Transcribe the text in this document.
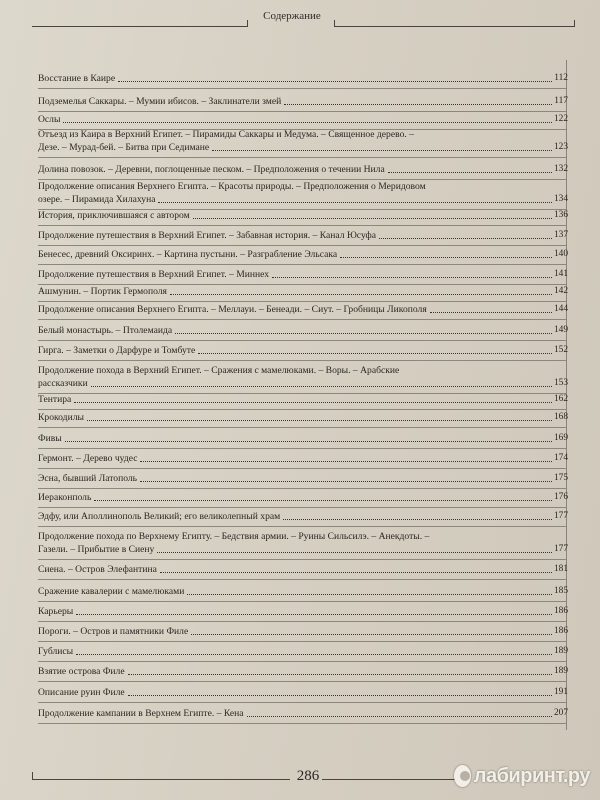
Содержание
Восстание в Каире	112
Подземелья Саккары. – Мумии ибисов. – Заклинатели змей	117
Ослы	122
Отъезд из Каира в Верхний Египет. – Пирамиды Саккары и Медума. – Священное дерево. –
Дезе. – Мурад-бей. – Битва при Седимане	123
Долина повозок. – Деревни, поглощенные песком. – Предположения о течении Нила	132
Продолжение описания Верхнего Египта. – Красоты природы. – Предположения о Меридовом
озере. – Пирамида Хилахуна	134
История, приключившаяся с автором	136
Продолжение путешествия в Верхний Египет. – Забавная история. – Канал Юсуфа	137
Бенесеc, древний Оксиринх. – Картина пустыни. – Разграбление Эльсака	140
Продолжение путешествия в Верхний Египет. – Миннех	141
Ашмунин. – Портик Гермополя	142
Продолжение описания Верхнего Египта. – Меллауи. – Бенеади. – Сиут. – Гробницы Ликополя	144
Белый монастырь. – Птолемаида	149
Гирга. – Заметки о Дарфуре и Томбуте	152
Продолжение похода в Верхний Египет. – Сражения с мамелюками. – Воры. – Арабские
рассказчики	153
Тентира	162
Крокодилы	168
Фивы	169
Гермонт. – Дерево чудес	174
Эсна, бывший Латополь	175
Иераконполь	176
Эдфу, или Аполлинополь Великий; его великолепный храм	177
Продолжение похода по Верхнему Египту. – Бедствия армии. – Руины Сильсилэ. – Анекдоты. –
Газели. – Прибытие в Сиену	177
Сиена. – Остров Элефантина	181
Сражение кавалерии с мамелюками	185
Карьеры	186
Пороги. – Остров и памятники Филе	186
Гублисы	189
Взятие острова Филе	189
Описание руин Филе	191
Продолжение кампании в Верхнем Египте. – Кена	207
286	лабиринт.ру
